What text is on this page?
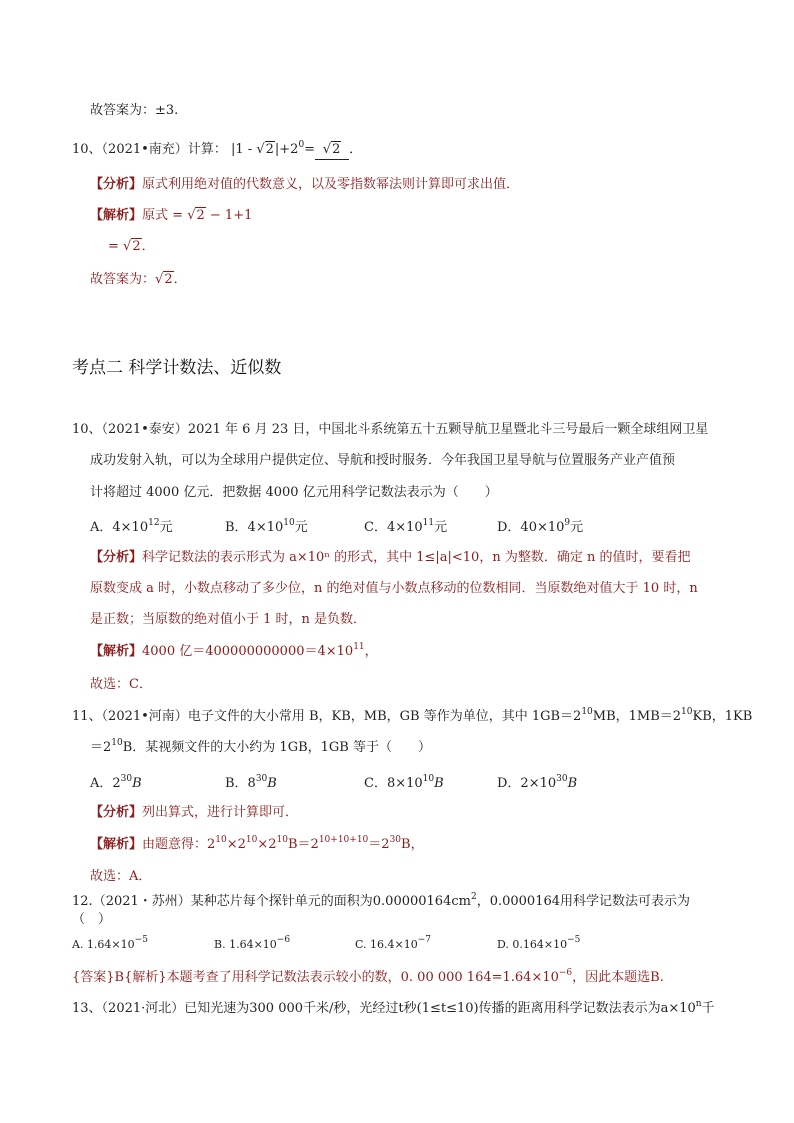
故答案为：±3.
10、（2021•南充）计算： $|1 - √2|+2^0= √2$ ．
【分析】原式利用绝对值的代数意义，以及零指数幂法则计算即可求出值．
【解析】原式 = √2 − 1+1
= √2．
故答案为：√2．
考点二 科学计数法、近似数
10、（2021•泰安）2021 年 6 月 23 日，中国北斗系统第五十五颗导航卫星暨北斗三号最后一颗全球组网卫星
成功发射入轨，可以为全球用户提供定位、导航和授时服务．今年我国卫星导航与位置服务产业产值预
计将超过 4000 亿元．把数据 4000 亿元用科学记数法表示为（　　）
A．$4\times 10^{12}$元	B．$4\times 10^{10}$元	C．$4\times 10^{11}$元	D．$40\times 10^9$元
【分析】科学记数法的表示形式为 a×10ⁿ 的形式，其中 1≤|a|<10，n 为整数．确定 n 的值时，要看把
原数变成 a 时，小数点移动了多少位，n 的绝对值与小数点移动的位数相同．当原数绝对值大于 10 时，n
是正数；当原数的绝对值小于 1 时，n 是负数．
【解析】4000 亿$=400000000000=4\times 10^{11}$，
故选：C．
11、（2021•河南）电子文件的大小常用 B，KB，MB，GB 等作为单位，其中 $1GB=2^{10}MB$，$1MB=2^{10}KB$，1KB
$=2^{10}B$．某视频文件的大小约为 1GB，1GB 等于（　　）
A．$2^{30}B$	B．$8^{30}B$	C．$8\times 10^{10}B$	D．$2\times 10^{30}B$
【分析】列出算式，进行计算即可．
【解析】由题意得：$2^{10}\times 2^{10}\times 2^{10}B=2^{10+10+10}=2^{30}B$，
故选：A．
12.（2021・苏州）某种芯片每个探针单元的面积为$0.00000164cm^2$，0.0000164用科学记数法可表示为
（　）
A. $1.64\times 10^{-5}$	B. $1.64\times 10^{-6}$	C. $16.4\times 10^{-7}$	D. $0.164\times 10^{-5}$
{答案}B{解析}本题考查了用科学记数法表示较小的数，0. 00 000 $164=1.64\times 10^{-6}$，因此本题选B.
13、（2021·河北）已知光速为300 000千米/秒，光经过t秒(1≤t≤10)传播的距离用科学记数法表示为$a\times 10^n$千
